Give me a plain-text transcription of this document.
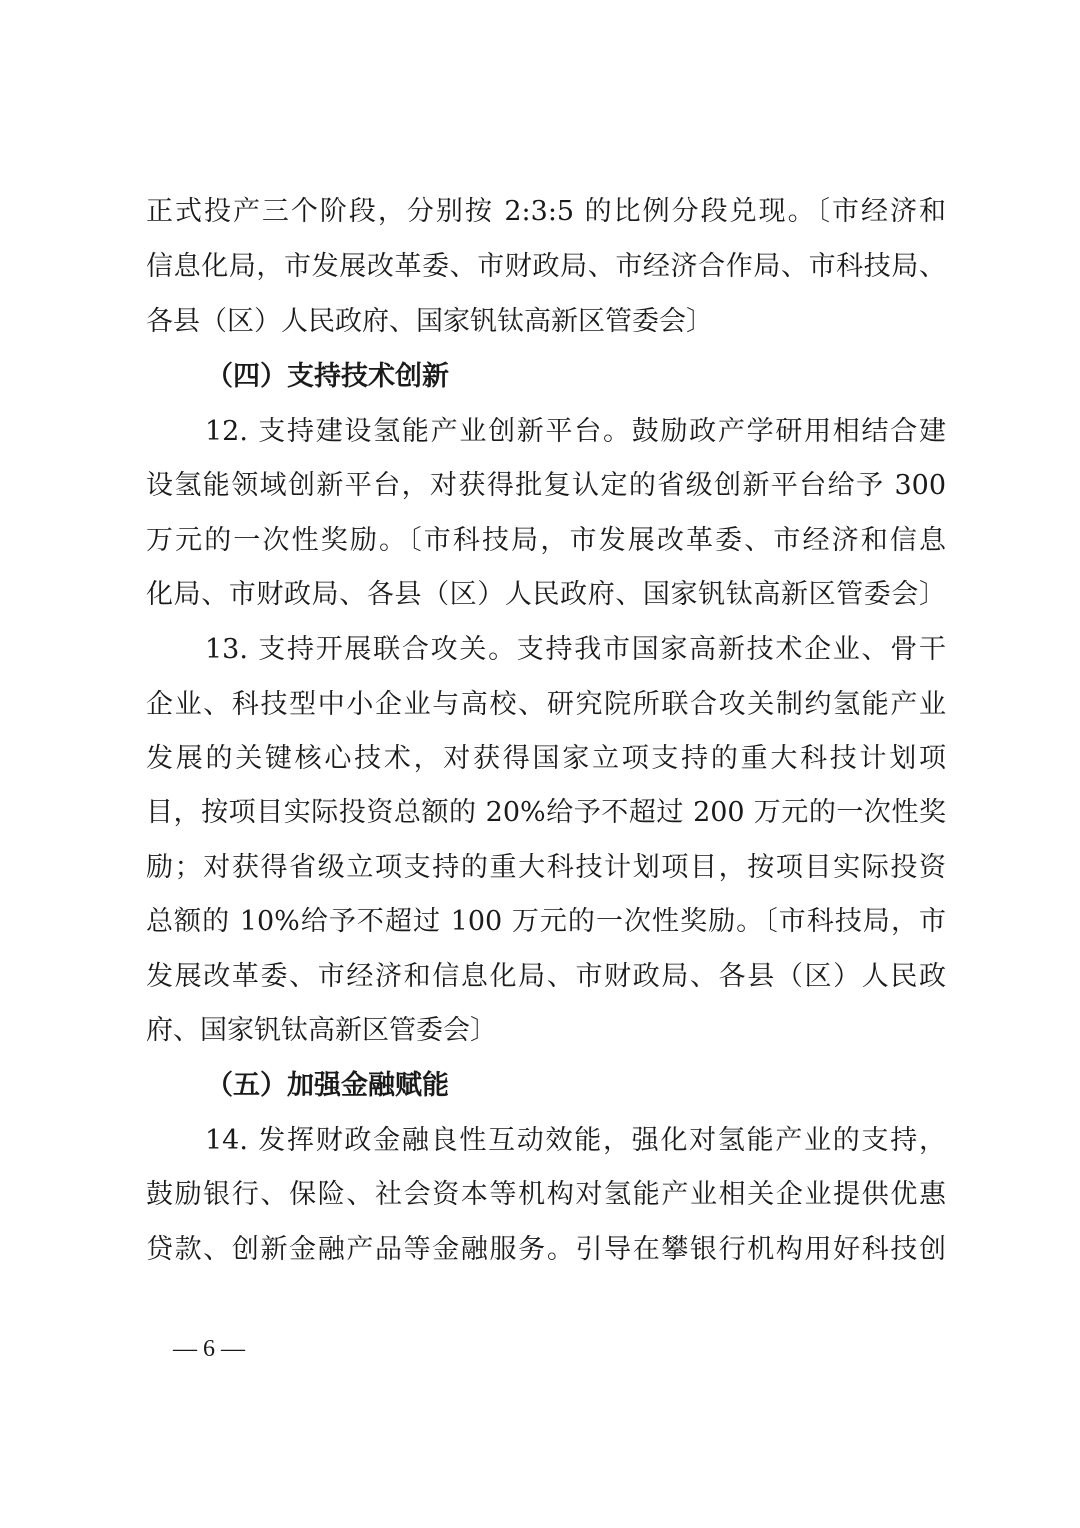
正式投产三个阶段，分别按 2:3:5 的比例分段兑现。〔市经济和
信息化局，市发展改革委、市财政局、市经济合作局、市科技局、
各县（区）人民政府、国家钒钛高新区管委会〕
（四）支持技术创新
12. 支持建设氢能产业创新平台。鼓励政产学研用相结合建
设氢能领域创新平台，对获得批复认定的省级创新平台给予 300
万元的一次性奖励。〔市科技局，市发展改革委、市经济和信息
化局、市财政局、各县（区）人民政府、国家钒钛高新区管委会〕
13. 支持开展联合攻关。支持我市国家高新技术企业、骨干
企业、科技型中小企业与高校、研究院所联合攻关制约氢能产业
发展的关键核心技术，对获得国家立项支持的重大科技计划项
目，按项目实际投资总额的 20%给予不超过 200 万元的一次性奖
励；对获得省级立项支持的重大科技计划项目，按项目实际投资
总额的 10%给予不超过 100 万元的一次性奖励。〔市科技局，市
发展改革委、市经济和信息化局、市财政局、各县（区）人民政
府、国家钒钛高新区管委会〕
（五）加强金融赋能
14. 发挥财政金融良性互动效能，强化对氢能产业的支持，
鼓励银行、保险、社会资本等机构对氢能产业相关企业提供优惠
贷款、创新金融产品等金融服务。引导在攀银行机构用好科技创
— 6 —
